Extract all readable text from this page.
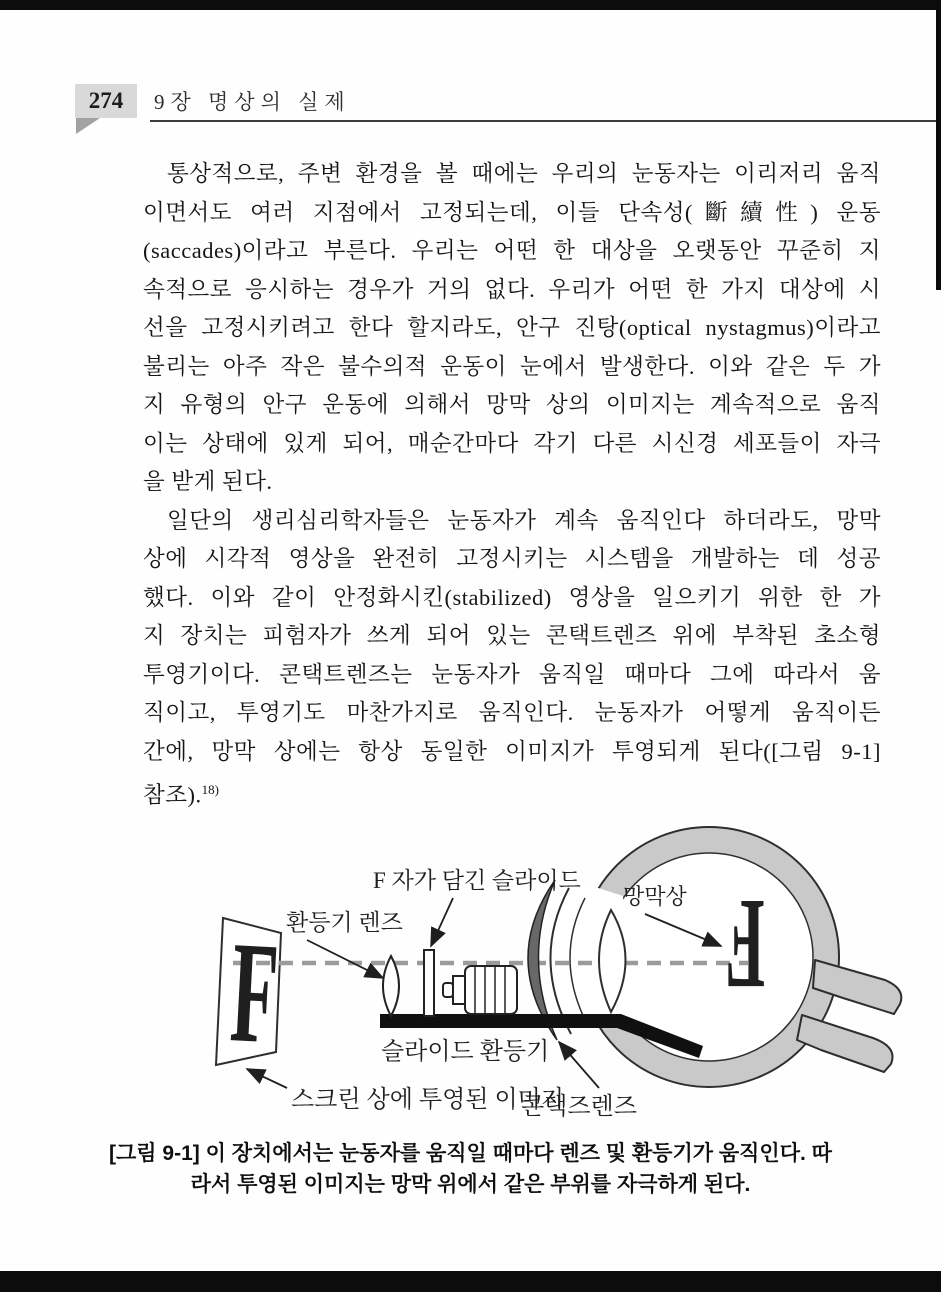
274	9장 명상의 실제
통상적으로, 주변 환경을 볼 때에는 우리의 눈동자는 이리저리 움직
이면서도 여러 지점에서 고정되는데, 이들 단속성(斷續性) 운동
(saccades)이라고 부른다. 우리는 어떤 한 대상을 오랫동안 꾸준히 지
속적으로 응시하는 경우가 거의 없다. 우리가 어떤 한 가지 대상에 시
선을 고정시키려고 한다 할지라도, 안구 진탕(optical nystagmus)이라고
불리는 아주 작은 불수의적 운동이 눈에서 발생한다. 이와 같은 두 가
지 유형의 안구 운동에 의해서 망막 상의 이미지는 계속적으로 움직
이는 상태에 있게 되어, 매순간마다 각기 다른 시신경 세포들이 자극
을 받게 된다.
일단의 생리심리학자들은 눈동자가 계속 움직인다 하더라도, 망막
상에 시각적 영상을 완전히 고정시키는 시스템을 개발하는 데 성공
했다. 이와 같이 안정화시킨(stabilized) 영상을 일으키기 위한 한 가
지 장치는 피험자가 쓰게 되어 있는 콘택트렌즈 위에 부착된 초소형
투영기이다. 콘택트렌즈는 눈동자가 움직일 때마다 그에 따라서 움
직이고, 투영기도 마찬가지로 움직인다. 눈동자가 어떻게 움직이든
간에, 망막 상에는 항상 동일한 이미지가 투영되게 된다([그림 9-1]
참조).$^{18)}$
F	F
F 자가 담긴 슬라이드
환등기 렌즈
망막상
슬라이드 환등기
스크린 상에 투영된 이미지
콘택즈렌즈
[그림 9-1] 이 장치에서는 눈동자를 움직일 때마다 렌즈 및 환등기가 움직인다. 따
라서 투영된 이미지는 망막 위에서 같은 부위를 자극하게 된다.
